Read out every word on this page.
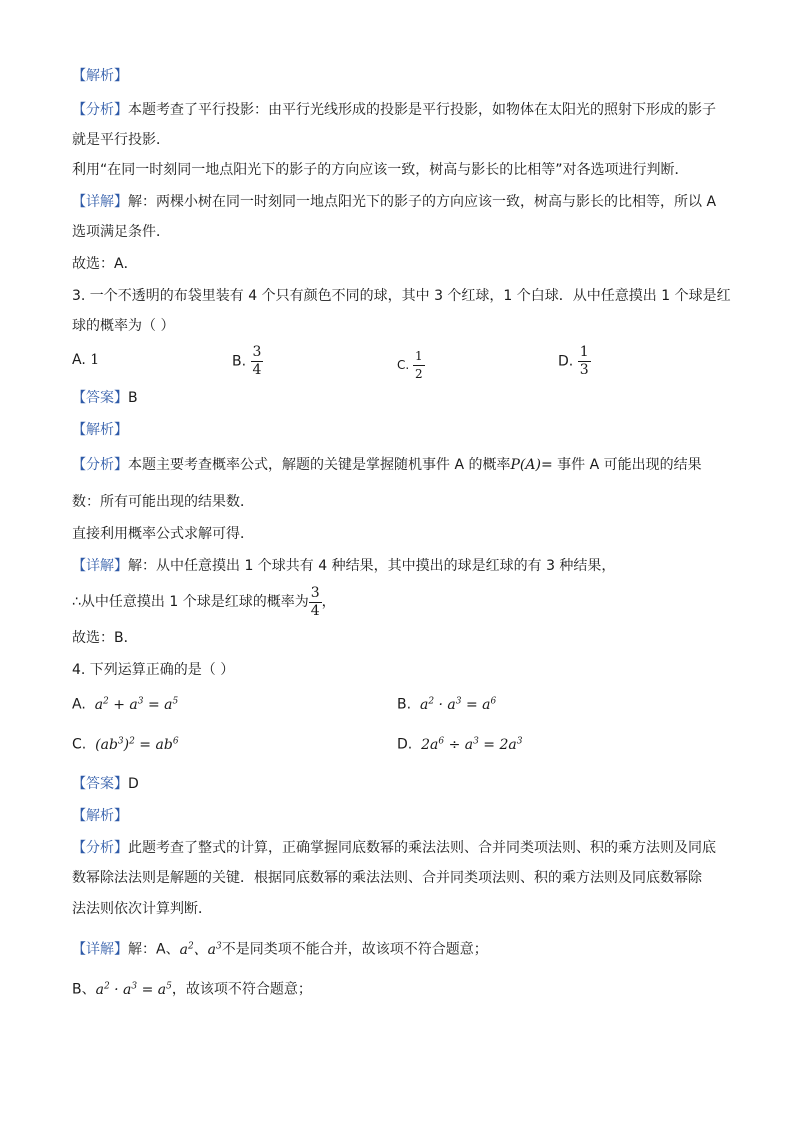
【解析】
【分析】本题考查了平行投影：由平行光线形成的投影是平行投影，如物体在太阳光的照射下形成的影子
就是平行投影．
利用“在同一时刻同一地点阳光下的影子的方向应该一致，树高与影长的比相等”对各选项进行判断．
【详解】解：两棵小树在同一时刻同一地点阳光下的影子的方向应该一致，树高与影长的比相等，所以 A
选项满足条件．
故选：A．
3. 一个不透明的布袋里装有 4 个只有颜色不同的球，其中 3 个红球，1 个白球．从中任意摸出 1 个球是红
球的概率为（ ）
A. 1	B. $\frac{3}{4}$	C. $\frac{1}{2}$	D. $\frac{1}{3}$
【答案】B
【解析】
【分析】本题主要考查概率公式，解题的关键是掌握随机事件 A 的概率P(A)= 事件 A 可能出现的结果
数：所有可能出现的结果数．
直接利用概率公式求解可得．
【详解】解：从中任意摸出 1 个球共有 4 种结果，其中摸出的球是红球的有 3 种结果，
∴从中任意摸出 1 个球是红球的概率为 $\frac{3}{4}$ ，
故选：B．
4. 下列运算正确的是（ ）
A.  $a^2 + a^3 = a^5$	B.  $a^2 \cdot a^3 = a^6$
C.  $(ab^3)^2 = ab^6$	D.  $2a^6 \div a^3 = 2a^3$
【答案】D
【解析】
【分析】此题考查了整式的计算，正确掌握同底数幂的乘法法则、合并同类项法则、积的乘方法则及同底
数幂除法法则是解题的关键．根据同底数幂的乘法法则、合并同类项法则、积的乘方法则及同底数幂除
法法则依次计算判断．
【详解】解：A、$a^2$、$a^3$不是同类项不能合并，故该项不符合题意；
B、$a^2 \cdot a^3 = a^5$，故该项不符合题意；
